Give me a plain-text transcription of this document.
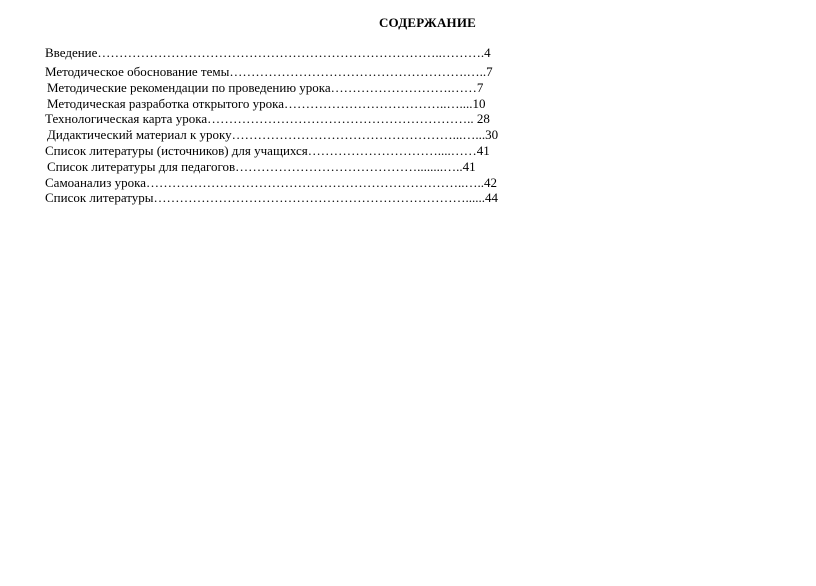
СОДЕРЖАНИЕ
Введение……………………………………………………………………..……….4
Методическое обоснование темы……………………………………………….…..7
Методические рекомендации по проведению урока……………………….……7
Методическая разработка открытого урока………………………………..…....10
Технологическая карта урока…………………………………………………….. 28
Дидактический материал к уроку……………………………………………...…...30
Список литературы (источников) для учащихся…………………………....……41
Список литературы для педагогов……………………………………........…..41
Самоанализ урока………………………………………………………………..…..42
Список литературы………………………………………………………………......44
